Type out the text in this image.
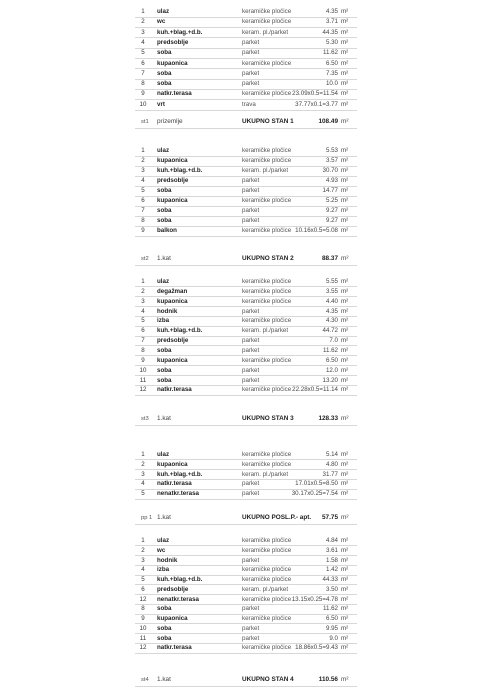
1	ulaz	keramičke pločice	4.35 m²
2	wc	keramičke pločice	3.71 m²
3	kuh.+blag.+d.b.	keram. pl./parket	44.35 m²
4	predsoblje	parket	5.30 m²
5	soba	parket	11.62 m²
6	kupaonica	keramičke pločice	6.50 m²
7	soba	parket	7.35 m²
8	soba	parket	10.0 m²
9	natkr.terasa	keramičke pločice 23.09x0.5=11.54 m²
10	vrt	trava	37.77x0.1=3.77 m²
st1 prizemlje	UKUPNO STAN 1	108.49 m²
1	ulaz	keramičke pločice	5.53 m²
2	kupaonica	keramičke pločice	3.57 m²
3	kuh.+blag.+d.b.	keram. pl./parket	30.70 m²
4	predsoblje	parket	4.93 m²
5	soba	parket	14.77 m²
6	kupaonica	keramičke pločice	5.25 m²
7	soba	parket	9.27 m²
8	soba	parket	9.27 m²
9	balkon	keramičke pločice 10.16x0.5=5.08 m²
st2 1.kat	UKUPNO STAN 2	88.37 m²
1	ulaz	keramičke pločice	5.55 m²
2	degažman	keramičke pločice	3.55 m²
3	kupaonica	keramičke pločice	4.40 m²
4	hodnik	parket	4.35 m²
5	izba	keramičke pločice	4.30 m²
6	kuh.+blag.+d.b.	keram. pl./parket	44.72 m²
7	predsoblje	parket	7.0 m²
8	soba	parket	11.62 m²
9	kupaonica	keramičke pločice	6.50 m²
10	soba	parket	12.0 m²
11	soba	parket	13.20 m²
12	natkr.terasa	keramičke pločice 22.28x0.5=11.14 m²
st3 1.kat	UKUPNO STAN 3	128.33 m²
1	ulaz	keramičke pločice	5.14 m²
2	kupaonica	keramičke pločice	4.80 m²
3	kuh.+blag.+d.b.	keram. pl./parket	31.77 m²
4	natkr.terasa	parket	17.01x0.5=8.50 m²
5	nenatkr.terasa	parket	30.17x0.25=7.54 m²
pp 1 1.kat	UKUPNO POSL.P.- apt.	57.75 m²
1	ulaz	keramičke pločice	4.84 m²
2	wc	keramičke pločice	3.61 m²
3	hodnik	parket	1.58 m²
4	izba	keramičke pločice	1.42 m²
5	kuh.+blag.+d.b.	keramičke pločice	44.33 m²
6	predsoblje	keram. pl./parket	3.50 m²
12	nenatkr.terasa	keramičke pločice 13.15x0.25=4.78 m²
8	soba	parket	11.62 m²
9	kupaonica	keramičke pločice	6.50 m²
10	soba	parket	9.95 m²
11	soba	parket	9.0 m²
12	natkr.terasa	keramičke pločice 18.86x0.5=9.43 m²
st4 1.kat	UKUPNO STAN 4	110.56 m²
